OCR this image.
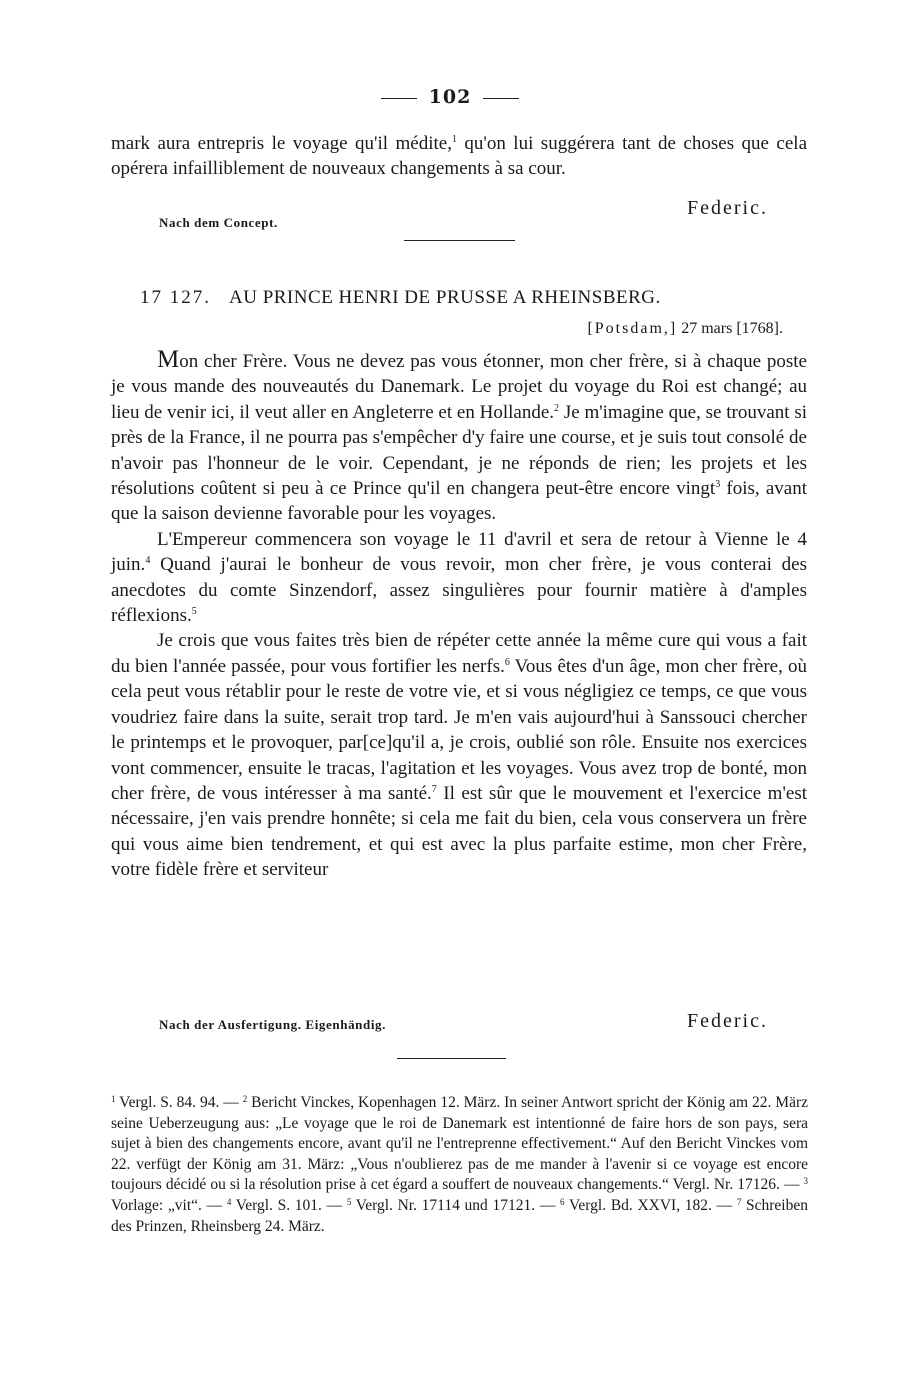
102

mark aura entrepris le voyage qu'il médite,$^1$ qu'on lui suggérera tant de choses que cela opérera infailliblement de nouveaux changements à sa cour.

Federic.
Nach dem Concept.
17 127. AU PRINCE HENRI DE PRUSSE A RHEINSBERG.
[Potsdam,] 27 mars [1768].

Mon cher Frère. Vous ne devez pas vous étonner, mon cher frère, si à chaque poste je vous mande des nouveautés du Danemark. Le projet du voyage du Roi est changé; au lieu de venir ici, il veut aller en Angleterre et en Hollande.$^2$ Je m'imagine que, se trouvant si près de la France, il ne pourra pas s'empêcher d'y faire une course, et je suis tout consolé de n'avoir pas l'honneur de le voir. Cependant, je ne réponds de rien; les projets et les résolutions coûtent si peu à ce Prince qu'il en changera peut-être encore vingt$^3$ fois, avant que la saison devienne favorable pour les voyages.

L'Empereur commencera son voyage le 11 d'avril et sera de retour à Vienne le 4 juin.$^4$ Quand j'aurai le bonheur de vous revoir, mon cher frère, je vous conterai des anecdotes du comte Sinzendorf, assez singulières pour fournir matière à d'amples réflexions.$^5$

Je crois que vous faites très bien de répéter cette année la même cure qui vous a fait du bien l'année passée, pour vous fortifier les nerfs.$^6$ Vous êtes d'un âge, mon cher frère, où cela peut vous rétablir pour le reste de votre vie, et si vous négligiez ce temps, ce que vous voudriez faire dans la suite, serait trop tard. Je m'en vais aujourd'hui à Sanssouci chercher le printemps et le provoquer, par[ce]qu'il a, je crois, oublié son rôle. Ensuite nos exercices vont commencer, ensuite le tracas, l'agitation et les voyages. Vous avez trop de bonté, mon cher frère, de vous intéresser à ma santé.$^7$ Il est sûr que le mouvement et l'exercice m'est nécessaire, j'en vais prendre honnête; si cela me fait du bien, cela vous conservera un frère qui vous aime bien tendrement, et qui est avec la plus parfaite estime, mon cher Frère, votre fidèle frère et serviteur

Nach der Ausfertigung. Eigenhändig.	Federic.
$^1$ Vergl. S. 84. 94. — $^2$ Bericht Vinckes, Kopenhagen 12. März. In seiner Antwort spricht der König am 22. März seine Ueberzeugung aus: „Le voyage que le roi de Danemark est intentionné de faire hors de son pays, sera sujet à bien des changements encore, avant qu'il ne l'entreprenne effectivement.“ Auf den Bericht Vinckes vom 22. verfügt der König am 31. März: „Vous n'oublierez pas de me mander à l'avenir si ce voyage est encore toujours décidé ou si la résolution prise à cet égard a souffert de nouveaux changements.“ Vergl. Nr. 17126. — $^3$ Vorlage: „vit“. — $^4$ Vergl. S. 101. — $^5$ Vergl. Nr. 17114 und 17121. — $^6$ Vergl. Bd. XXVI, 182. — $^7$ Schreiben des Prinzen, Rheinsberg 24. März.
